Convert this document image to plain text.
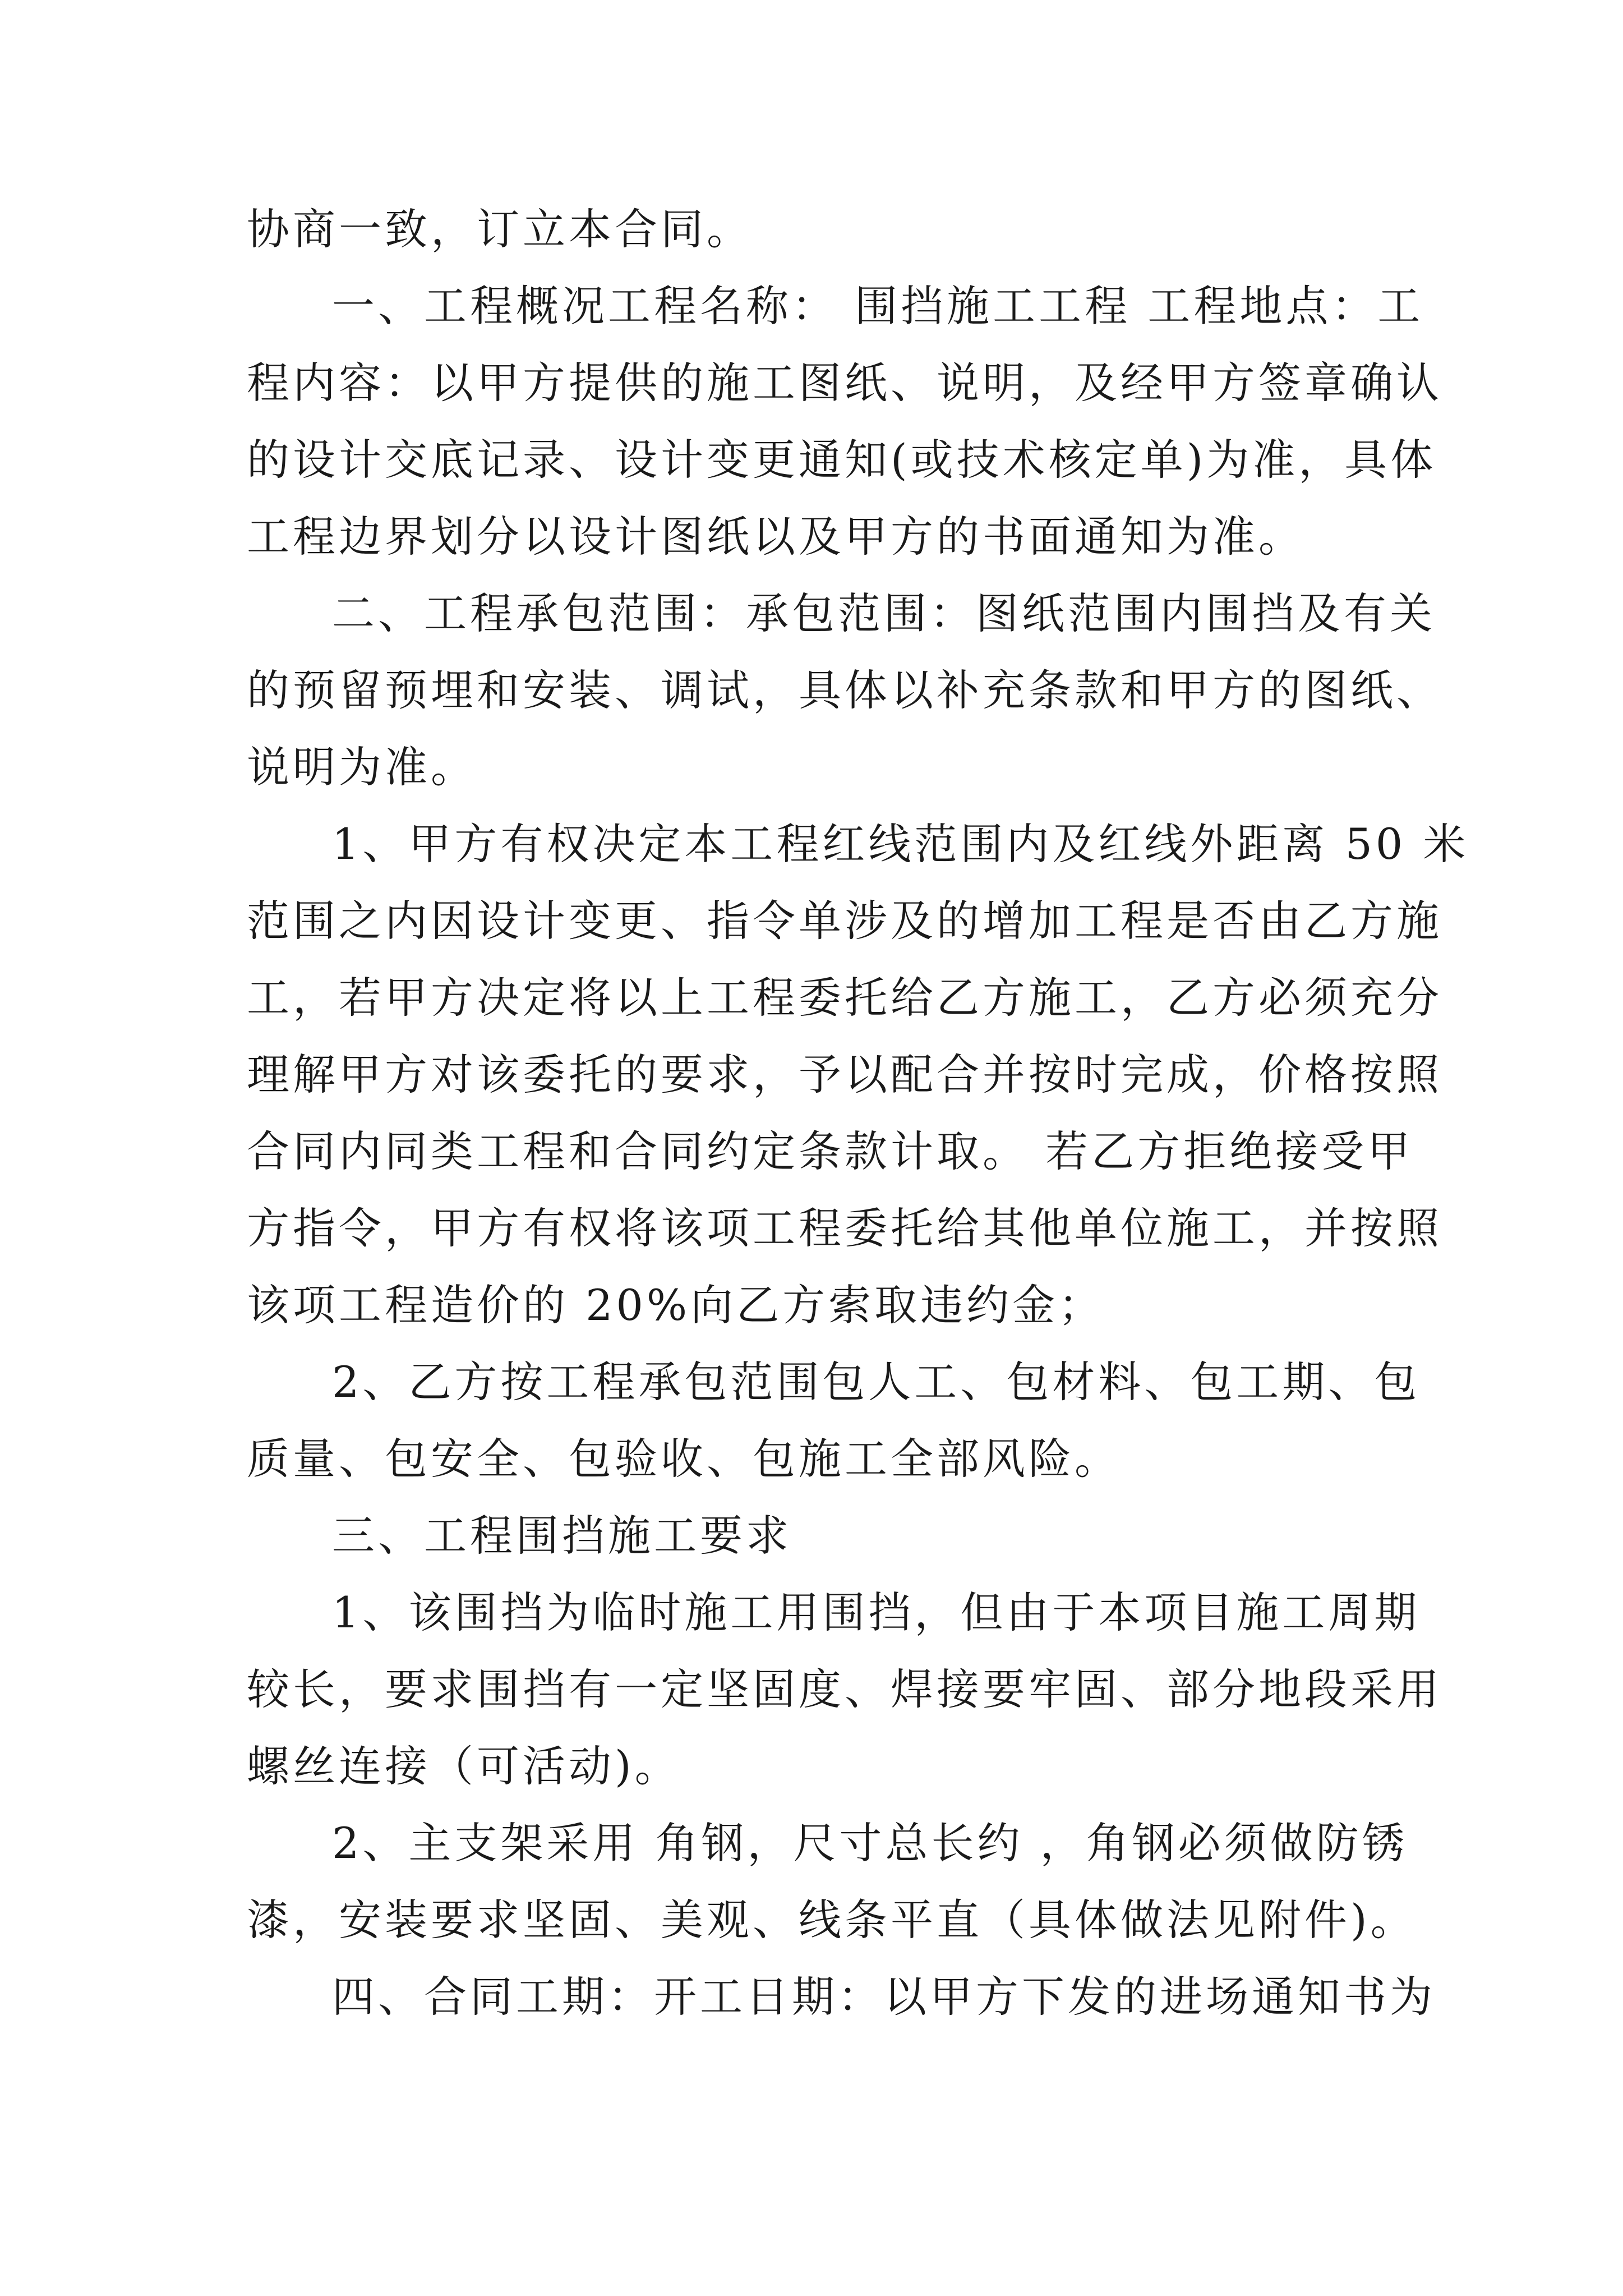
协商一致，订立本合同。
一、工程概况工程名称： 围挡施工工程 工程地点：工
程内容：以甲方提供的施工图纸、说明，及经甲方签章确认
的设计交底记录、设计变更通知(或技术核定单)为准，具体
工程边界划分以设计图纸以及甲方的书面通知为准。
二、工程承包范围：承包范围：图纸范围内围挡及有关
的预留预埋和安装、调试，具体以补充条款和甲方的图纸、
说明为准。
1、甲方有权决定本工程红线范围内及红线外距离 50 米
范围之内因设计变更、指令单涉及的增加工程是否由乙方施
工，若甲方决定将以上工程委托给乙方施工，乙方必须充分
理解甲方对该委托的要求，予以配合并按时完成，价格按照
合同内同类工程和合同约定条款计取。 若乙方拒绝接受甲
方指令，甲方有权将该项工程委托给其他单位施工，并按照
该项工程造价的 20%向乙方索取违约金；
2、乙方按工程承包范围包人工、包材料、包工期、包
质量、包安全、包验收、包施工全部风险。
三、工程围挡施工要求
1、该围挡为临时施工用围挡，但由于本项目施工周期
较长，要求围挡有一定坚固度、焊接要牢固、部分地段采用
螺丝连接（可活动)。
2、主支架采用 角钢，尺寸总长约 ，角钢必须做防锈
漆，安装要求坚固、美观、线条平直（具体做法见附件)。
四、合同工期：开工日期：以甲方下发的进场通知书为
